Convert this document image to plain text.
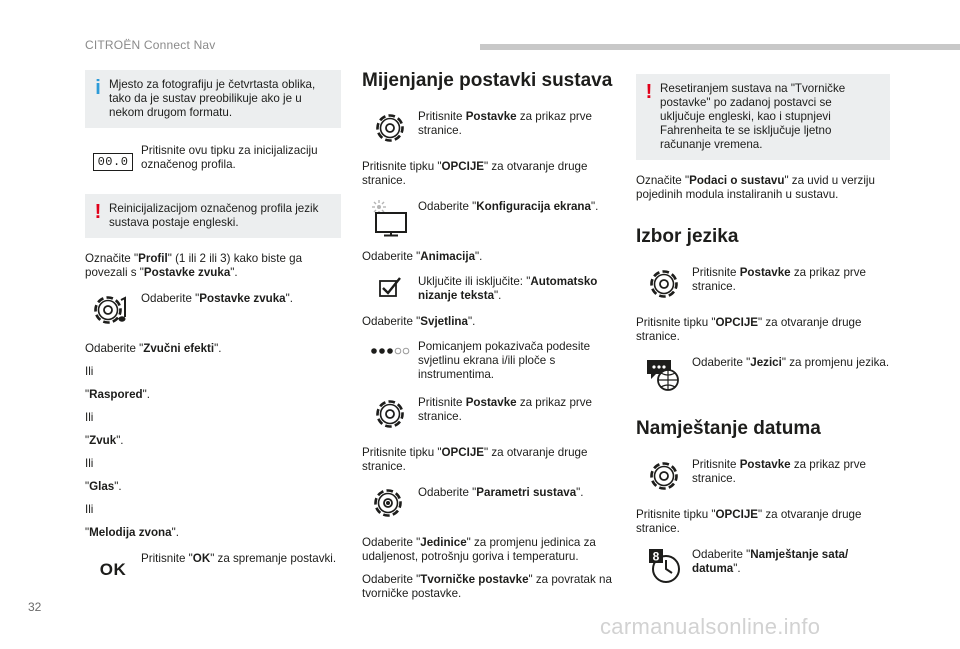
CITROËN Connect Nav
i Mjesto za fotografiju je četvrtasta oblika, tako da je sustav preobilikuje ako je u nekom drugom formatu.
00.0
Pritisnite ovu tipku za inicijalizaciju označenog profila.
! Reinicijalizacijom označenog profila jezik sustava postaje engleski.

Označite "Profil" (1 ili 2 ili 3) kako biste ga povezali s "Postavke zvuka".

Odaberite "Postavke zvuka".

Odaberite "Zvučni efekti".

Ili

"Raspored".

Ili

"Zvuk".

Ili

"Glas".

Ili

"Melodija zvona".

OK
Pritisnite "OK" za spremanje postavki.
Mijenjanje postavki sustava
Pritisnite Postavke za prikaz prve stranice.

Pritisnite tipku "OPCIJE" za otvaranje druge stranice.

Odaberite "Konfiguracija ekrana".

Odaberite "Animacija".

Uključite ili isključite: "Automatsko nizanje teksta".

Odaberite "Svjetlina".

Pomicanjem pokazivača podesite svjetlinu ekrana i/ili ploče s instrumentima.
Pritisnite Postavke za prikaz prve stranice.

Pritisnite tipku "OPCIJE" za otvaranje druge stranice.

Odaberite "Parametri sustava".

Odaberite "Jedinice" za promjenu jedinica za udaljenost, potrošnju goriva i temperaturu.

Odaberite "Tvorničke postavke" za povratak na tvorničke postavke.

! Resetiranjem sustava na "Tvorničke postavke" po zadanoj postavci se uključuje engleski, kao i stupnjevi Fahrenheita te se isključuje ljetno računanje vremena.

Označite "Podaci o sustavu" za uvid u verziju pojedinih modula instaliranih u sustavu.

Izbor jezika
Pritisnite Postavke za prikaz prve stranice.

Pritisnite tipku "OPCIJE" za otvaranje druge stranice.

Odaberite "Jezici" za promjenu jezika.
Namještanje datuma
Pritisnite Postavke za prikaz prve stranice.

Pritisnite tipku "OPCIJE" za otvaranje druge stranice.

8	Odaberite "Namještanje sata/ datuma".
32
carmanualsonline.info
